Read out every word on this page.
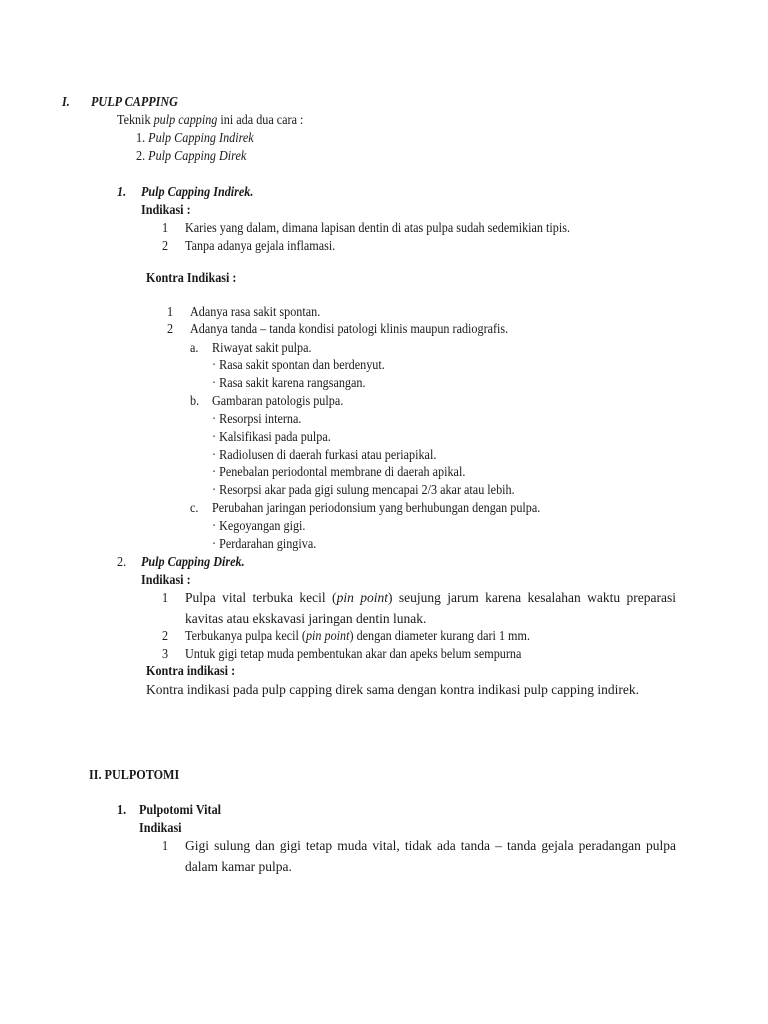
I. PULP CAPPING
Teknik pulp capping ini ada dua cara :
1. Pulp Capping Indirek
2. Pulp Capping Direk
1. Pulp Capping Indirek.
Indikasi :
1 Karies yang dalam, dimana lapisan dentin di atas pulpa sudah sedemikian tipis.
2 Tanpa adanya gejala inflamasi.
Kontra Indikasi :
1 Adanya rasa sakit spontan.
2 Adanya tanda – tanda kondisi patologi klinis maupun radiografis.
a. Riwayat sakit pulpa.
· Rasa sakit spontan dan berdenyut.
· Rasa sakit karena rangsangan.
b. Gambaran patologis pulpa.
· Resorpsi interna.
· Kalsifikasi pada pulpa.
· Radiolusen di daerah furkasi atau periapikal.
· Penebalan periodontal membrane di daerah apikal.
· Resorpsi akar pada gigi sulung mencapai 2/3 akar atau lebih.
c. Perubahan jaringan periodonsium yang berhubungan dengan pulpa.
· Kegoyangan gigi.
· Perdarahan gingiva.
2. Pulp Capping Direk.
Indikasi :
1 Pulpa vital terbuka kecil (pin point) seujung jarum karena kesalahan waktu preparasi kavitas atau ekskavasi jaringan dentin lunak.
2 Terbukanya pulpa kecil (pin point) dengan diameter kurang dari 1 mm.
3 Untuk gigi tetap muda pembentukan akar dan apeks belum sempurna
Kontra indikasi :
Kontra indikasi pada pulp capping direk sama dengan kontra indikasi pulp capping indirek.
II. PULPOTOMI
1. Pulpotomi Vital
Indikasi
1 Gigi sulung dan gigi tetap muda vital, tidak ada tanda – tanda gejala peradangan pulpa dalam kamar pulpa.
